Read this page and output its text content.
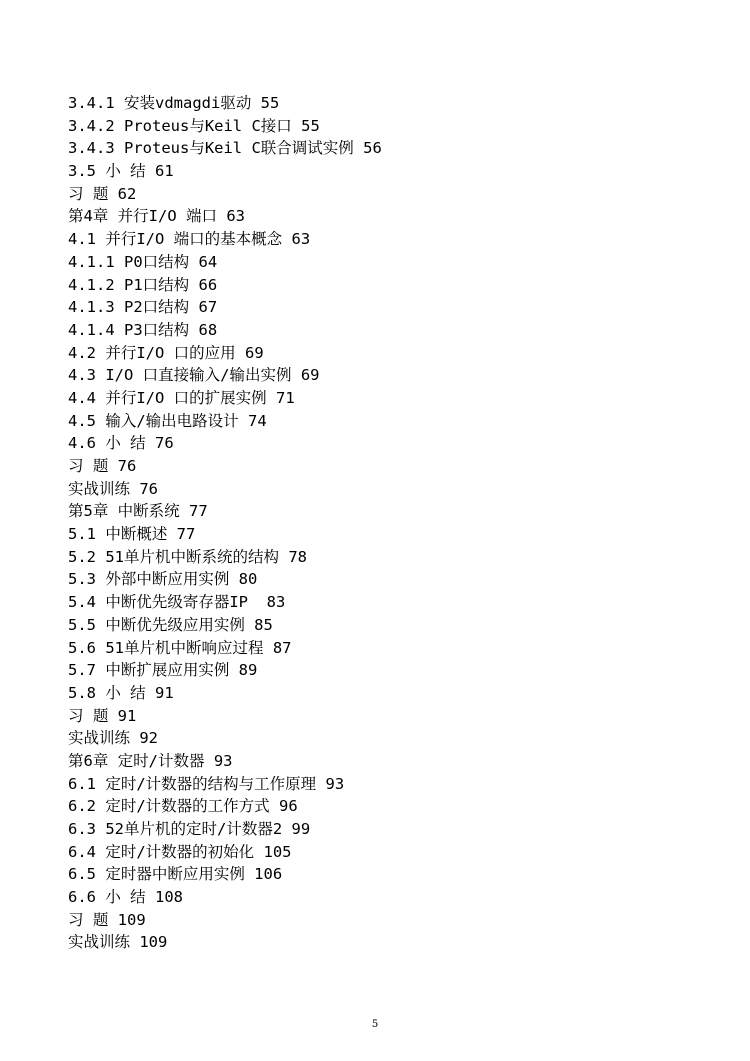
3.4.1 安装vdmagdi驱动 55
3.4.2 Proteus与Keil C接口 55
3.4.3 Proteus与Keil C联合调试实例 56
3.5 小 结 61
习 题 62
第4章 并行I/O 端口 63
4.1 并行I/O 端口的基本概念 63
4.1.1 P0口结构 64
4.1.2 P1口结构 66
4.1.3 P2口结构 67
4.1.4 P3口结构 68
4.2 并行I/O 口的应用 69
4.3 I/O 口直接输入/输出实例 69
4.4 并行I/O 口的扩展实例 71
4.5 输入/输出电路设计 74
4.6 小 结 76
习 题 76
实战训练 76
第5章 中断系统 77
5.1 中断概述 77
5.2 51单片机中断系统的结构 78
5.3 外部中断应用实例 80
5.4 中断优先级寄存器IP  83
5.5 中断优先级应用实例 85
5.6 51单片机中断响应过程 87
5.7 中断扩展应用实例 89
5.8 小 结 91
习 题 91
实战训练 92
第6章 定时/计数器 93
6.1 定时/计数器的结构与工作原理 93
6.2 定时/计数器的工作方式 96
6.3 52单片机的定时/计数器2 99
6.4 定时/计数器的初始化 105
6.5 定时器中断应用实例 106
6.6 小 结 108
习 题 109
实战训练 109
5
